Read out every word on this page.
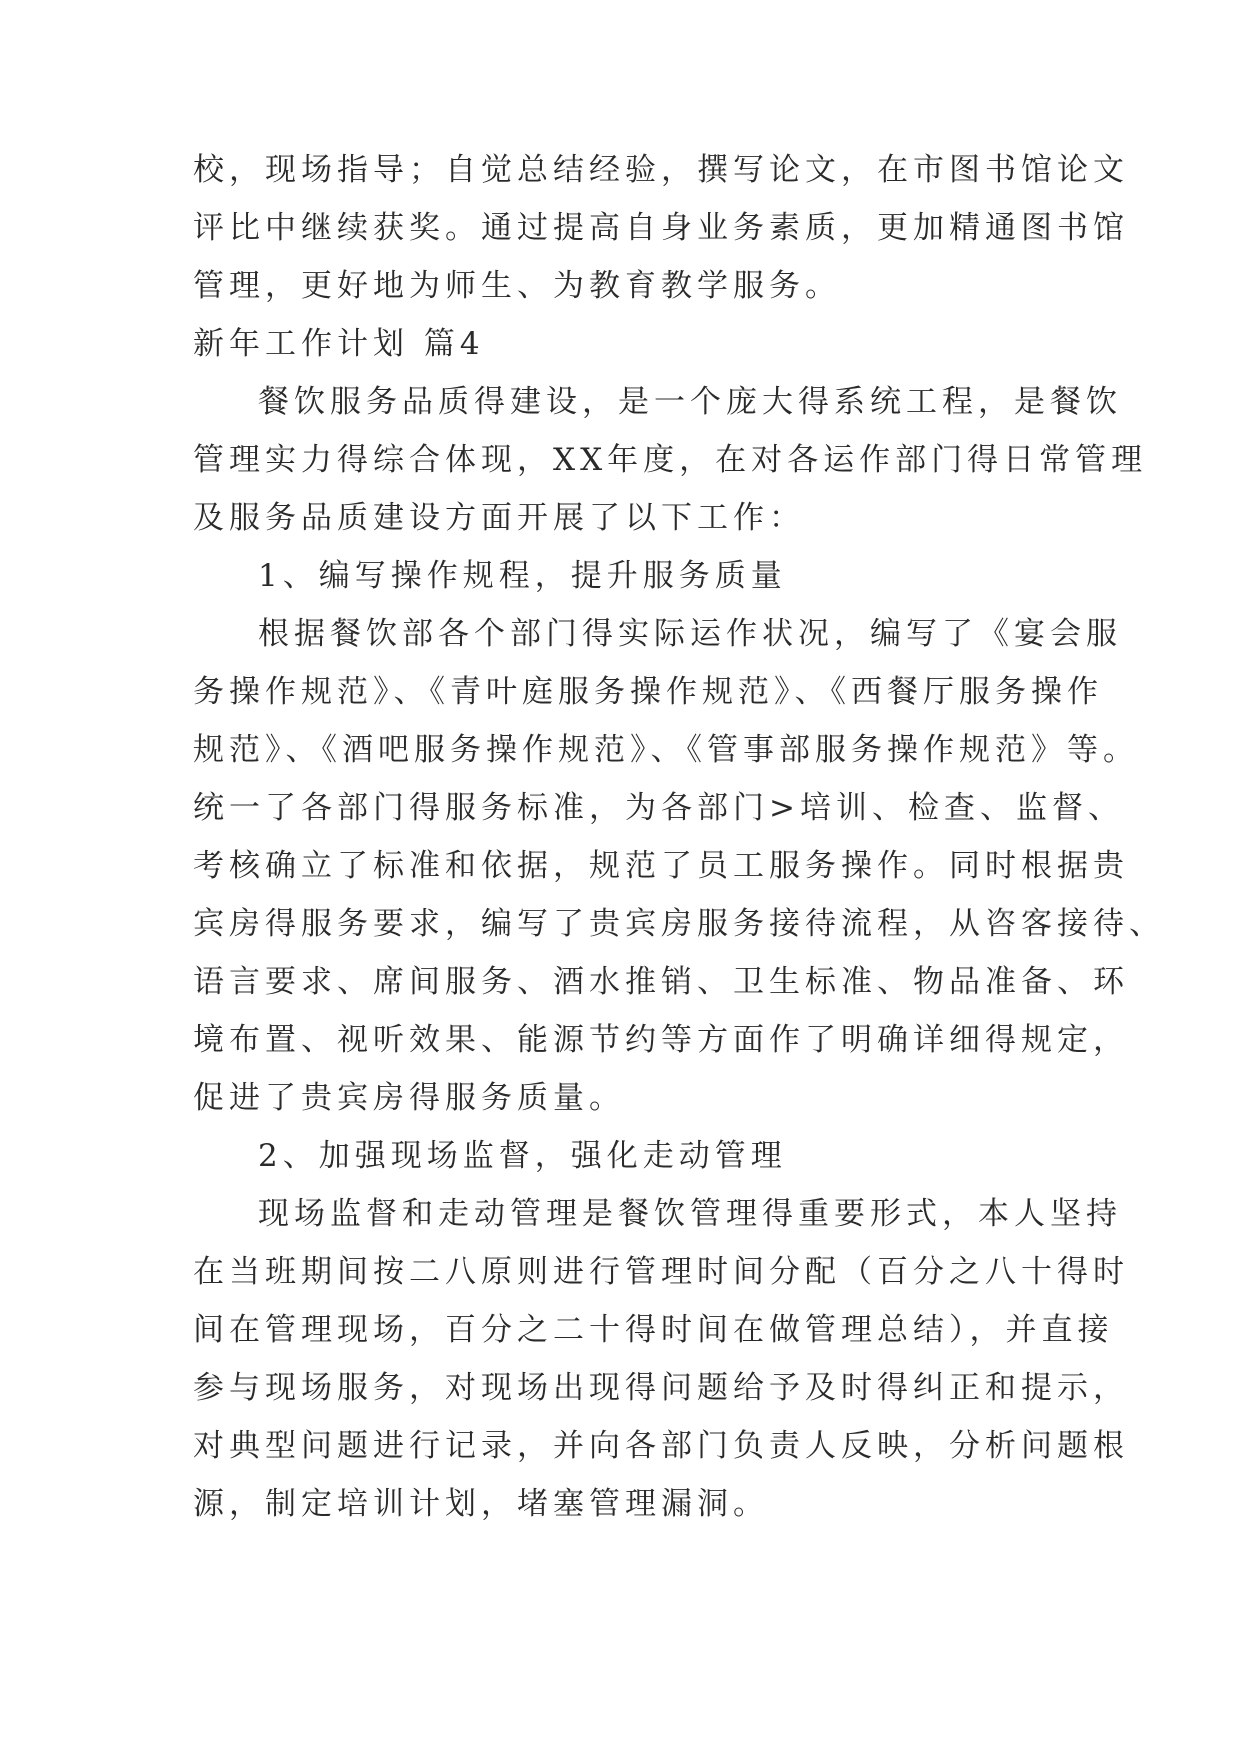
校，现场指导；自觉总结经验，撰写论文，在市图书馆论文
评比中继续获奖。通过提高自身业务素质，更加精通图书馆
管理，更好地为师生、为教育教学服务。
新年工作计划 篇4
餐饮服务品质得建设，是一个庞大得系统工程，是餐饮
管理实力得综合体现，XX年度，在对各运作部门得日常管理
及服务品质建设方面开展了以下工作：
1、编写操作规程，提升服务质量
根据餐饮部各个部门得实际运作状况，编写了《宴会服
务操作规范》、《青叶庭服务操作规范》、《西餐厅服务操作
规范》、《酒吧服务操作规范》、《管事部服务操作规范》等。
统一了各部门得服务标准，为各部门>培训、检查、监督、
考核确立了标准和依据，规范了员工服务操作。同时根据贵
宾房得服务要求，编写了贵宾房服务接待流程，从咨客接待、
语言要求、席间服务、酒水推销、卫生标准、物品准备、环
境布置、视听效果、能源节约等方面作了明确详细得规定，
促进了贵宾房得服务质量。
2、加强现场监督，强化走动管理
现场监督和走动管理是餐饮管理得重要形式，本人坚持
在当班期间按二八原则进行管理时间分配（百分之八十得时
间在管理现场，百分之二十得时间在做管理总结），并直接
参与现场服务，对现场出现得问题给予及时得纠正和提示，
对典型问题进行记录，并向各部门负责人反映，分析问题根
源，制定培训计划，堵塞管理漏洞。
